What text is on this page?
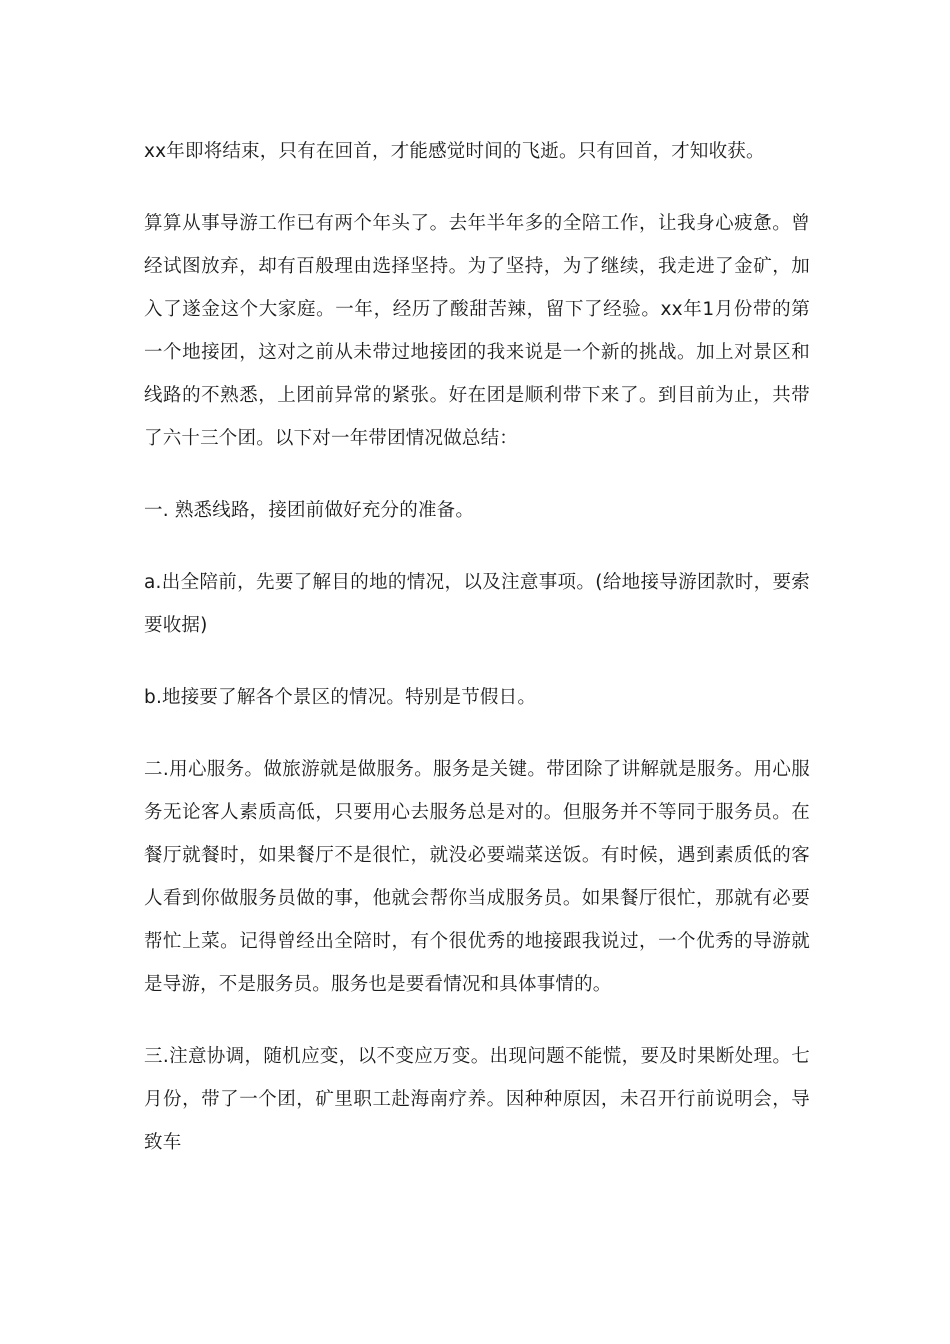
xx年即将结束，只有在回首，才能感觉时间的飞逝。只有回首，才知收获。

算算从事导游工作已有两个年头了。去年半年多的全陪工作，让我身心疲惫。曾经试图放弃，却有百般理由选择坚持。为了坚持，为了继续，我走进了金矿，加入了遂金这个大家庭。一年，经历了酸甜苦辣，留下了经验。xx年1月份带的第一个地接团，这对之前从未带过地接团的我来说是一个新的挑战。加上对景区和线路的不熟悉，上团前异常的紧张。好在团是顺利带下来了。到目前为止，共带了六十三个团。以下对一年带团情况做总结：

一. 熟悉线路，接团前做好充分的准备。

a.出全陪前，先要了解目的地的情况，以及注意事项。(给地接导游团款时，要索要收据)

b.地接要了解各个景区的情况。特别是节假日。

二.用心服务。做旅游就是做服务。服务是关键。带团除了讲解就是服务。用心服务无论客人素质高低，只要用心去服务总是对的。但服务并不等同于服务员。在餐厅就餐时，如果餐厅不是很忙，就没必要端菜送饭。有时候，遇到素质低的客人看到你做服务员做的事，他就会帮你当成服务员。如果餐厅很忙，那就有必要帮忙上菜。记得曾经出全陪时，有个很优秀的地接跟我说过，一个优秀的导游就是导游，不是服务员。服务也是要看情况和具体事情的。

三.注意协调，随机应变，以不变应万变。出现问题不能慌，要及时果断处理。七月份，带了一个团，矿里职工赴海南疗养。因种种原因，未召开行前说明会，导致车
